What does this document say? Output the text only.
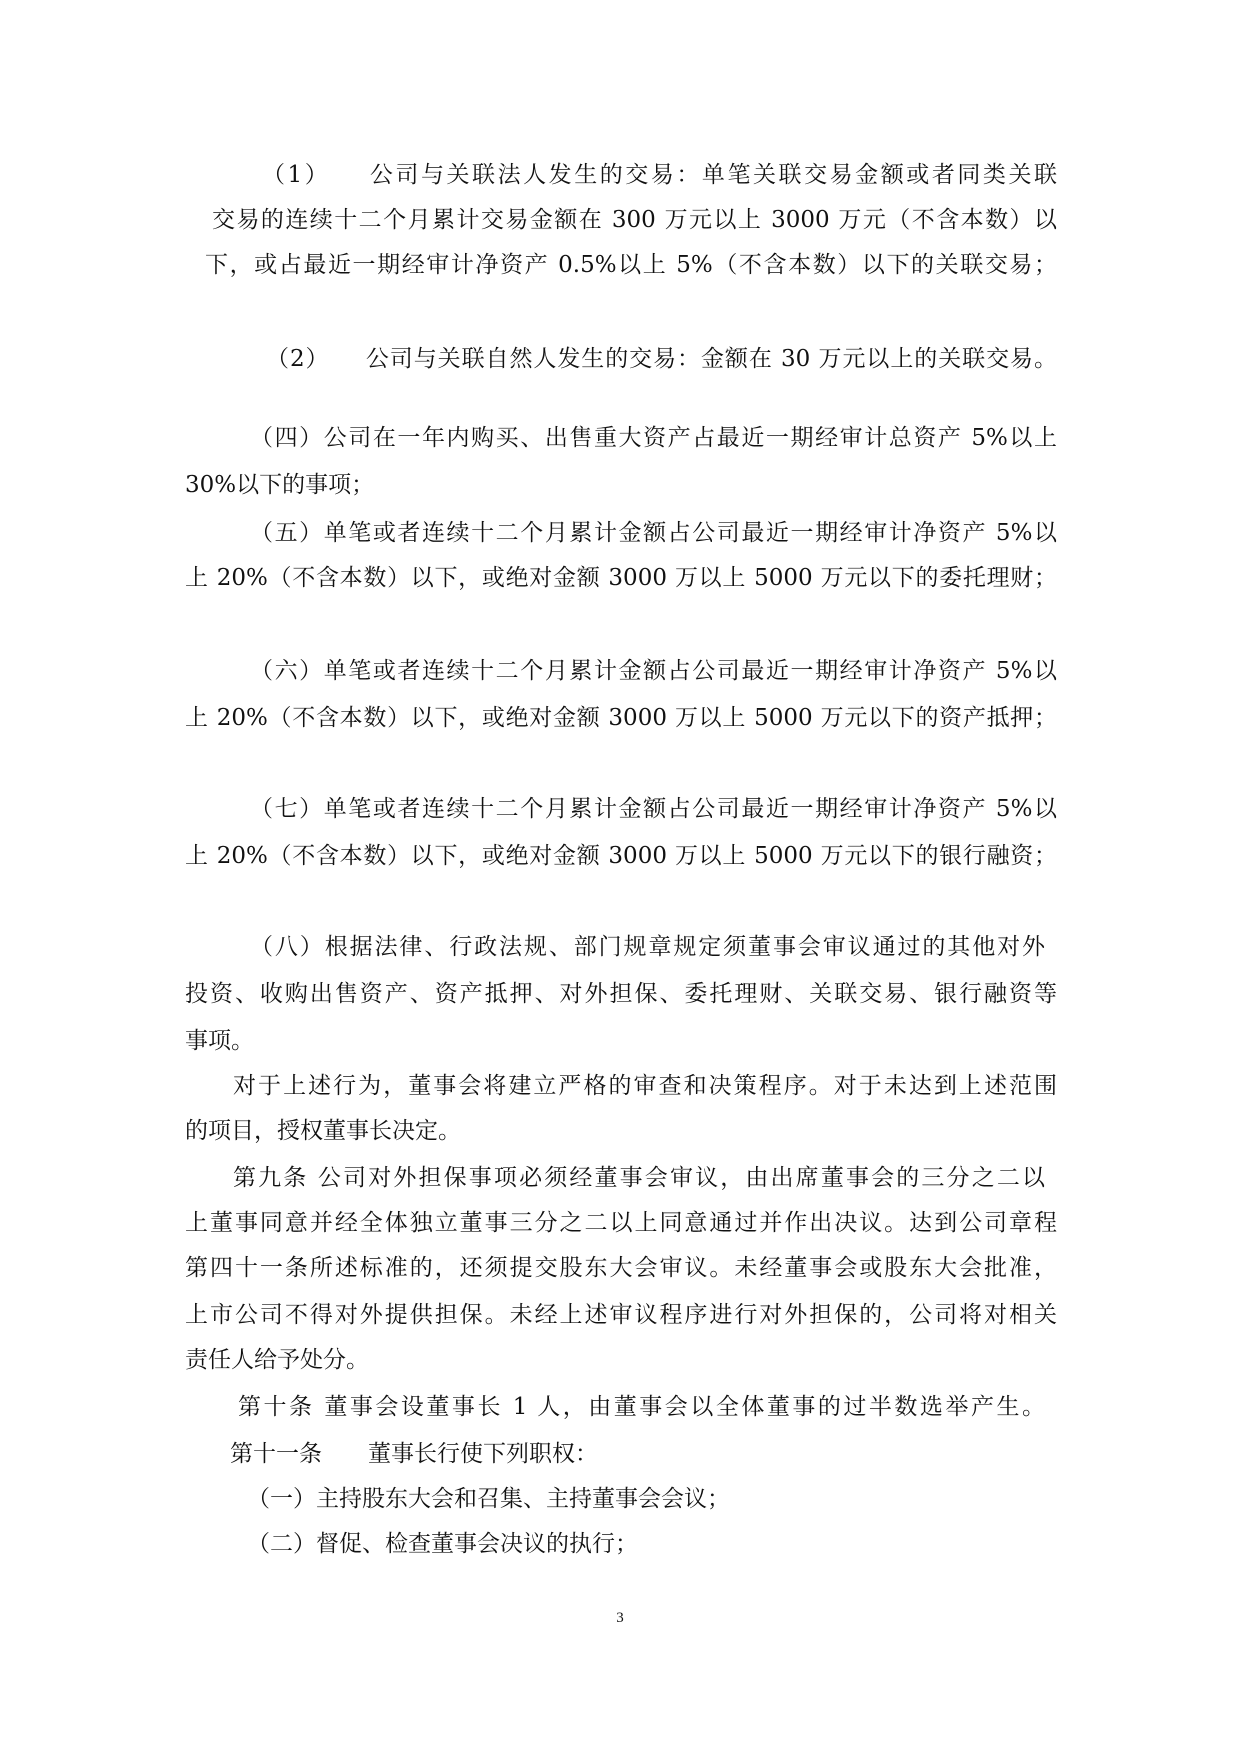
（1）　　公司与关联法人发生的交易：单笔关联交易金额或者同类关联
交易的连续十二个月累计交易金额在 300 万元以上 3000 万元（不含本数）以
下，或占最近一期经审计净资产 0.5%以上 5%（不含本数）以下的关联交易；
（2）　　公司与关联自然人发生的交易：金额在 30 万元以上的关联交易。
（四）公司在一年内购买、出售重大资产占最近一期经审计总资产 5%以上
30%以下的事项；
（五）单笔或者连续十二个月累计金额占公司最近一期经审计净资产 5%以
上 20%（不含本数）以下，或绝对金额 3000 万以上 5000 万元以下的委托理财；
（六）单笔或者连续十二个月累计金额占公司最近一期经审计净资产 5%以
上 20%（不含本数）以下，或绝对金额 3000 万以上 5000 万元以下的资产抵押；
（七）单笔或者连续十二个月累计金额占公司最近一期经审计净资产 5%以
上 20%（不含本数）以下，或绝对金额 3000 万以上 5000 万元以下的银行融资；
（八）根据法律、行政法规、部门规章规定须董事会审议通过的其他对外
投资、收购出售资产、资产抵押、对外担保、委托理财、关联交易、银行融资等
事项。
对于上述行为，董事会将建立严格的审查和决策程序。对于未达到上述范围
的项目，授权董事长决定。
第九条 公司对外担保事项必须经董事会审议，由出席董事会的三分之二以
上董事同意并经全体独立董事三分之二以上同意通过并作出决议。达到公司章程
第四十一条所述标准的，还须提交股东大会审议。未经董事会或股东大会批准，
上市公司不得对外提供担保。未经上述审议程序进行对外担保的，公司将对相关
责任人给予处分。
第十条 董事会设董事长 1 人，由董事会以全体董事的过半数选举产生。
第十一条　　董事长行使下列职权：
（一）主持股东大会和召集、主持董事会会议；
（二）督促、检查董事会决议的执行；
3
